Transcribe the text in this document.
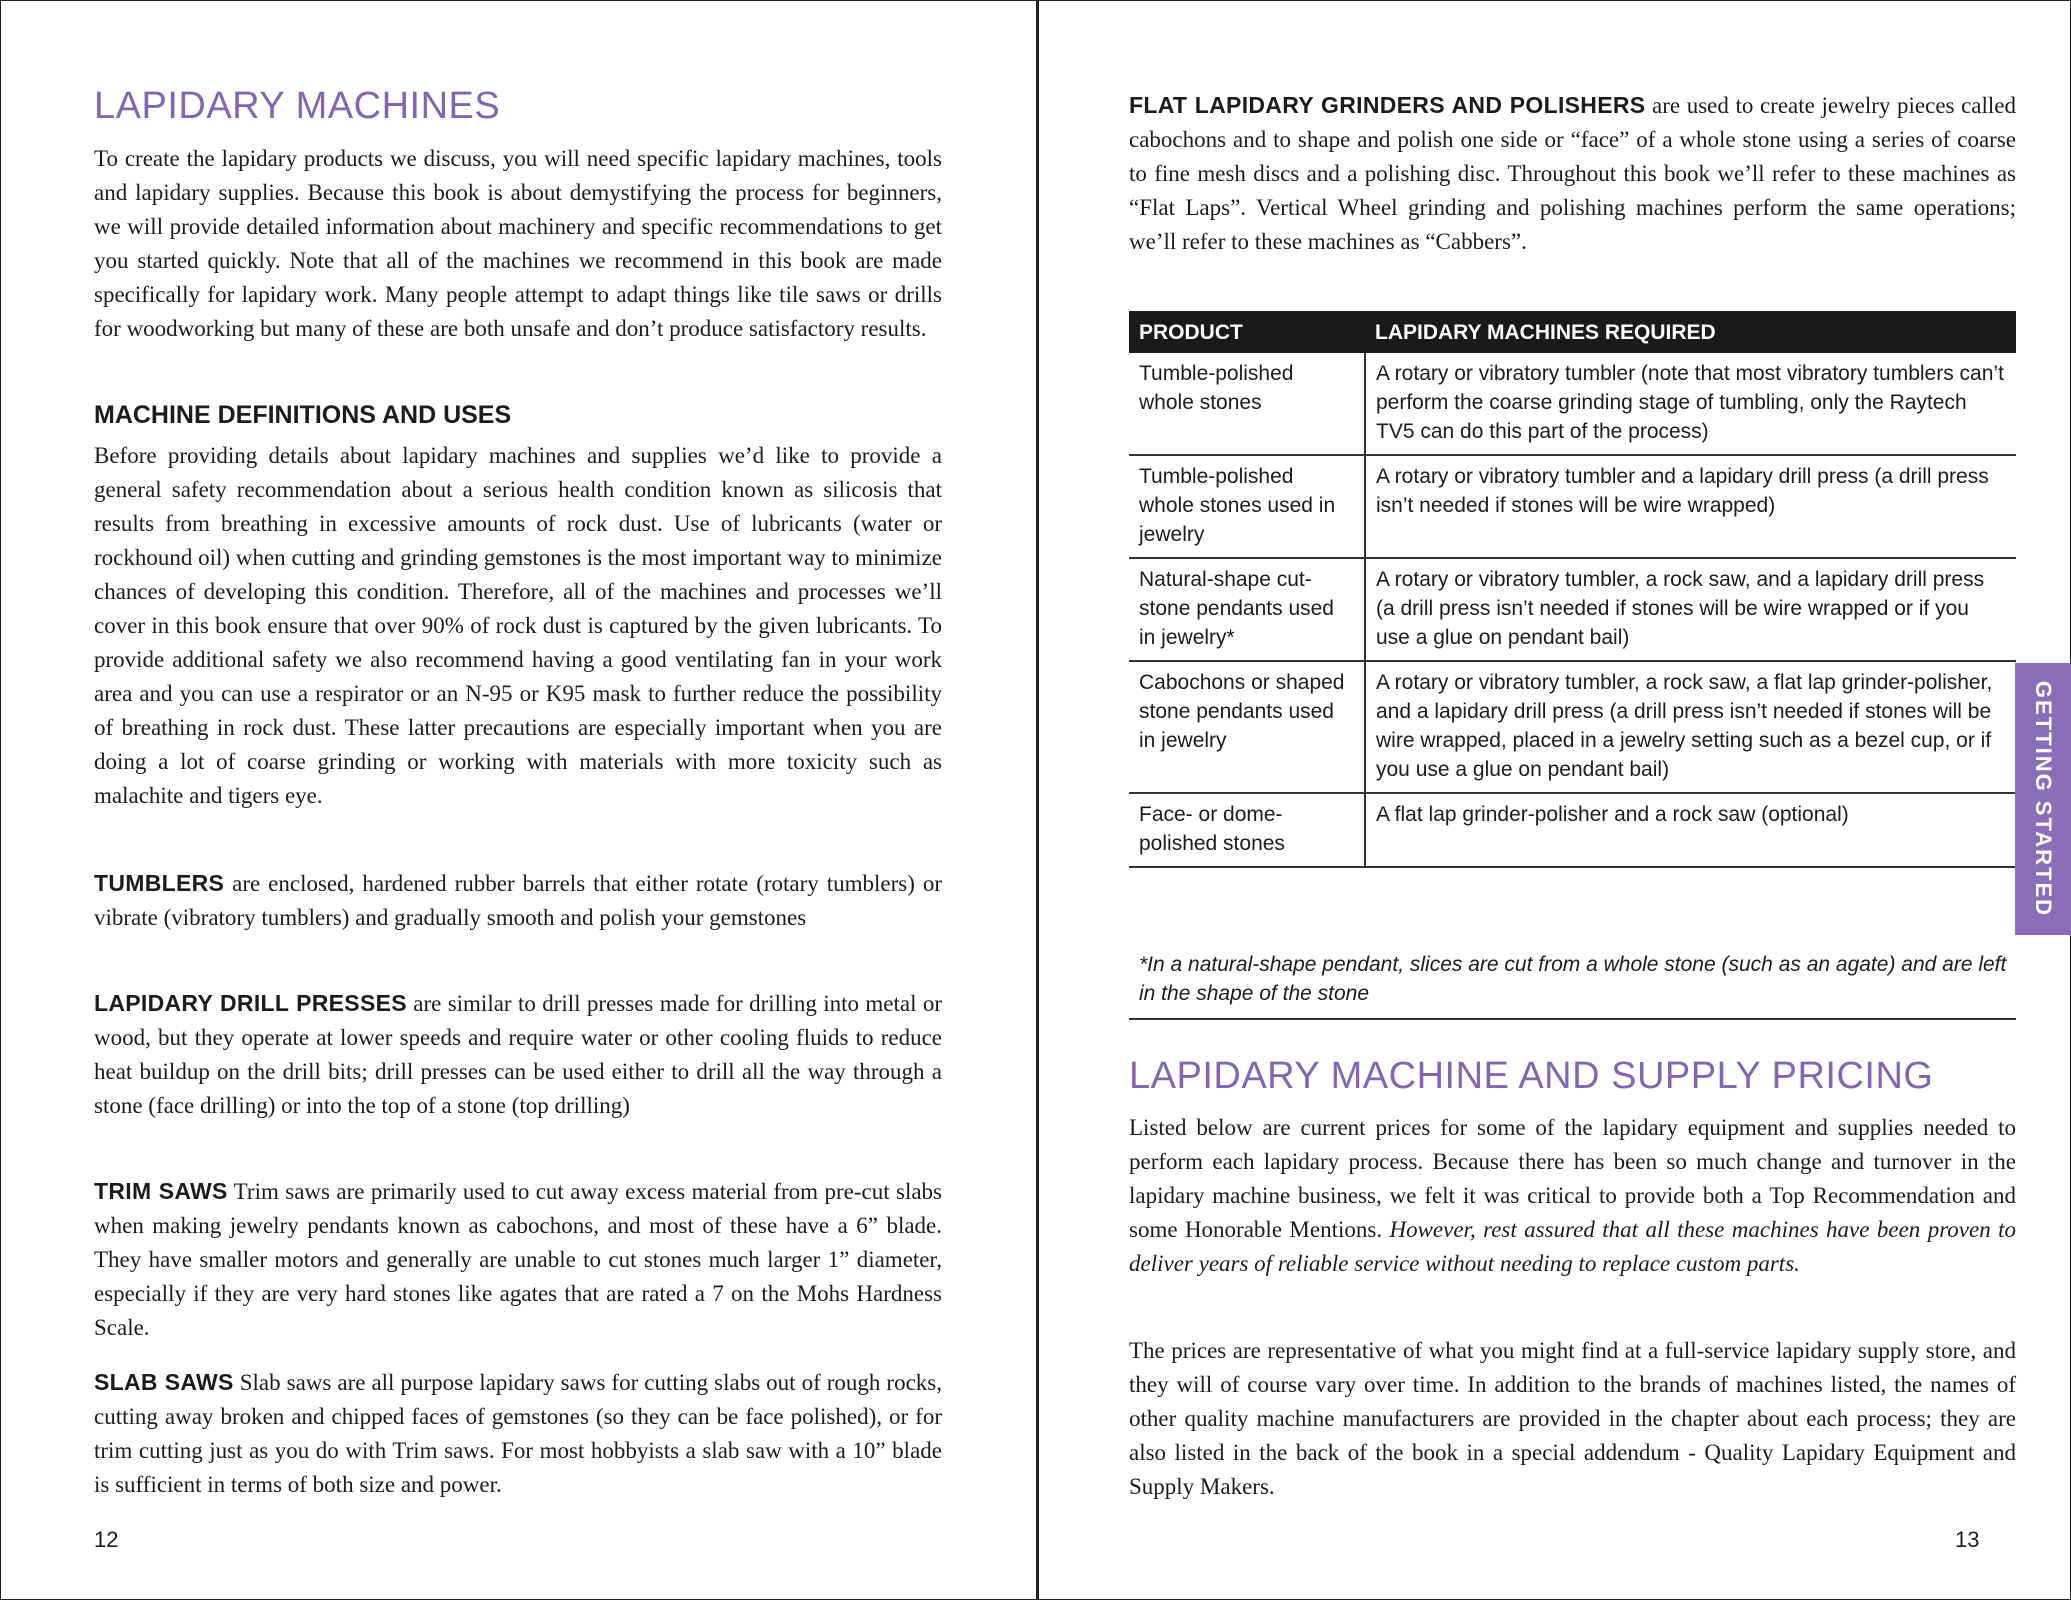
LAPIDARY MACHINES

To create the lapidary products we discuss, you will need specific lapidary machines, tools and lapidary supplies. Because this book is about demystifying the process for beginners, we will provide detailed information about machinery and specific recommendations to get you started quickly. Note that all of the machines we recommend in this book are made specifically for lapidary work. Many people attempt to adapt things like tile saws or drills for woodworking but many of these are both unsafe and don’t produce satisfactory results.

MACHINE DEFINITIONS AND USES

Before providing details about lapidary machines and supplies we’d like to provide a general safety recommendation about a serious health condition known as silicosis that results from breathing in excessive amounts of rock dust. Use of lubricants (water or rockhound oil) when cutting and grinding gemstones is the most important way to minimize chances of developing this condition. Therefore, all of the machines and processes we’ll cover in this book ensure that over 90% of rock dust is captured by the given lubricants. To provide additional safety we also recommend having a good ventilating fan in your work area and you can use a respirator or an N-95 or K95 mask to further reduce the possibility of breathing in rock dust. These latter precautions are especially important when you are doing a lot of coarse grinding or working with materials with more toxicity such as malachite and tigers eye.

TUMBLERS are enclosed, hardened rubber barrels that either rotate (rotary tumblers) or vibrate (vibratory tumblers) and gradually smooth and polish your gemstones

LAPIDARY DRILL PRESSES are similar to drill presses made for drilling into metal or wood, but they operate at lower speeds and require water or other cooling fluids to reduce heat buildup on the drill bits; drill presses can be used either to drill all the way through a stone (face drilling) or into the top of a stone (top drilling)

TRIM SAWS Trim saws are primarily used to cut away excess material from pre-cut slabs when making jewelry pendants known as cabochons, and most of these have a 6” blade. They have smaller motors and generally are unable to cut stones much larger 1” diameter, especially if they are very hard stones like agates that are rated a 7 on the Mohs Hardness Scale.

SLAB SAWS Slab saws are all purpose lapidary saws for cutting slabs out of rough rocks, cutting away broken and chipped faces of gemstones (so they can be face polished), or for trim cutting just as you do with Trim saws. For most hobbyists a slab saw with a 10” blade is sufficient in terms of both size and power.

12

FLAT LAPIDARY GRINDERS AND POLISHERS are used to create jewelry pieces called cabochons and to shape and polish one side or “face” of a whole stone using a series of coarse to fine mesh discs and a polishing disc. Throughout this book we’ll refer to these machines as “Flat Laps”. Vertical Wheel grinding and polishing machines perform the same operations; we’ll refer to these machines as “Cabbers”.

PRODUCT	LAPIDARY MACHINES REQUIRED
Tumble-polished whole stones	A rotary or vibratory tumbler (note that most vibratory tumblers can’t perform the coarse grinding stage of tumbling, only the Raytech TV5 can do this part of the process)
Tumble-polished whole stones used in jewelry	A rotary or vibratory tumbler and a lapidary drill press (a drill press isn’t needed if stones will be wire wrapped)
Natural-shape cut-stone pendants used in jewelry*	A rotary or vibratory tumbler, a rock saw, and a lapidary drill press (a drill press isn’t needed if stones will be wire wrapped or if you use a glue on pendant bail)
Cabochons or shaped stone pendants used in jewelry	A rotary or vibratory tumbler, a rock saw, a flat lap grinder-polisher, and a lapidary drill press (a drill press isn’t needed if stones will be wire wrapped, placed in a jewelry setting such as a bezel cup, or if you use a glue on pendant bail)
Face- or dome-polished stones	A flat lap grinder-polisher and a rock saw (optional)
*In a natural-shape pendant, slices are cut from a whole stone (such as an agate) and are left in the shape of the stone
LAPIDARY MACHINE AND SUPPLY PRICING

Listed below are current prices for some of the lapidary equipment and supplies needed to perform each lapidary process. Because there has been so much change and turnover in the lapidary machine business, we felt it was critical to provide both a Top Recommendation and some Honorable Mentions. However, rest assured that all these machines have been proven to deliver years of reliable service without needing to replace custom parts.

The prices are representative of what you might find at a full-service lapidary supply store, and they will of course vary over time. In addition to the brands of machines listed, the names of other quality machine manufacturers are provided in the chapter about each process; they are also listed in the back of the book in a special addendum - Quality Lapidary Equipment and Supply Makers.

GETTING STARTED
13
